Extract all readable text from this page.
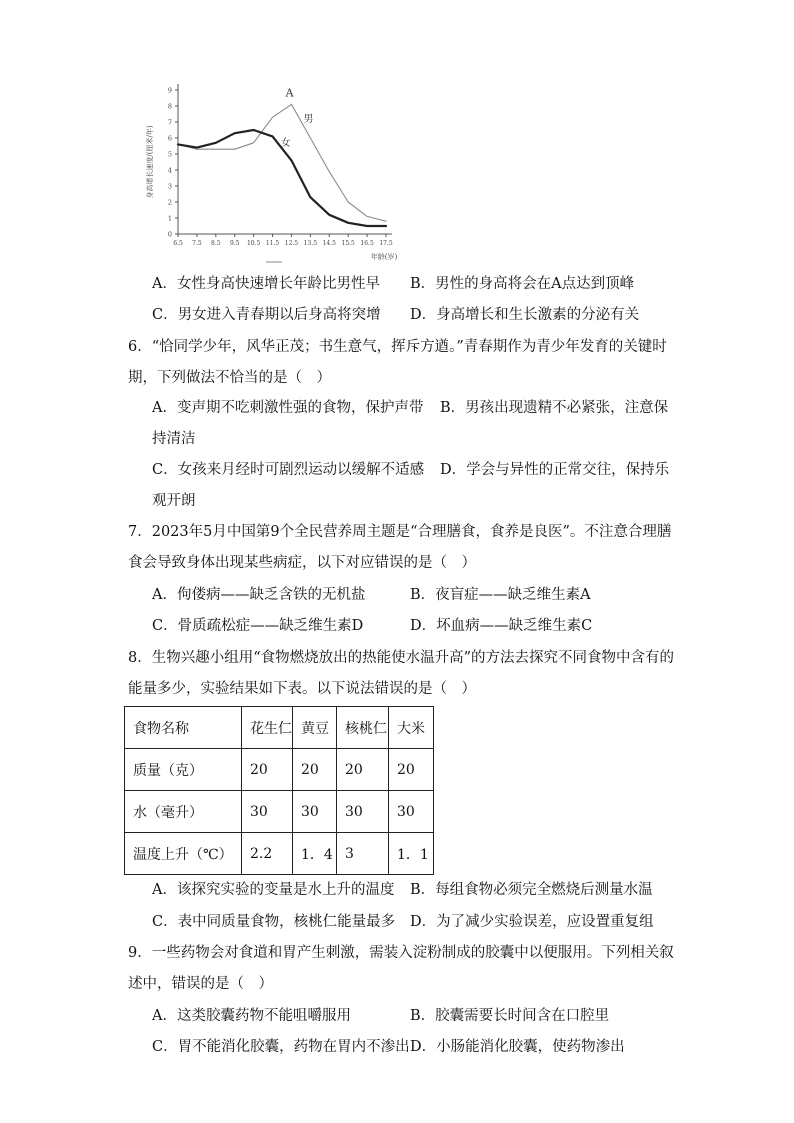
0
1
2
3
4
5
6
7
8
9
6.5 7.5 8.5 9.5 10.5 11.5 12.5 13.5 14.5 15.5 16.5 17.5
身高增长速度/(厘米/年)
年龄(岁)
A
男
女
A．女性身高快速增长年龄比男性早 B．男性的身高将会在A点达到顶峰
C．男女进入青春期以后身高将突增 D．身高增长和生长激素的分泌有关
6．“恰同学少年，风华正茂；书生意气，挥斥方遒。”青春期作为青少年发育的关键时
期，下列做法不恰当的是（　）
A．变声期不吃刺激性强的食物，保护声带 B．男孩出现遗精不必紧张，注意保
持清洁
C．女孩来月经时可剧烈运动以缓解不适感 D．学会与异性的正常交往，保持乐
观开朗
7．2023年5月中国第9个全民营养周主题是“合理膳食，食养是良医”。不注意合理膳
食会导致身体出现某些病症，以下对应错误的是（　）
A．佝偻病——缺乏含铁的无机盐	B．夜盲症——缺乏维生素A
C．骨质疏松症——缺乏维生素D	D．坏血病——缺乏维生素C
8．生物兴趣小组用“食物燃烧放出的热能使水温升高”的方法去探究不同食物中含有的
能量多少，实验结果如下表。以下说法错误的是（　）
食物名称	花生仁	黄豆	核桃仁	大米
质量（克）	20	20	20	20
水（毫升）	30	30	30	30
温度上升（℃）	2.2	1．4	3	1．1
A．该探究实验的变量是水上升的温度 B．每组食物必须完全燃烧后测量水温
C．表中同质量食物，核桃仁能量最多 D．为了减少实验误差，应设置重复组
9．一些药物会对食道和胃产生刺激，需装入淀粉制成的胶囊中以便服用。下列相关叙
述中，错误的是（　）
A．这类胶囊药物不能咀嚼服用	B．胶囊需要长时间含在口腔里
C．胃不能消化胶囊，药物在胃内不渗出 D．小肠能消化胶囊，使药物渗出
